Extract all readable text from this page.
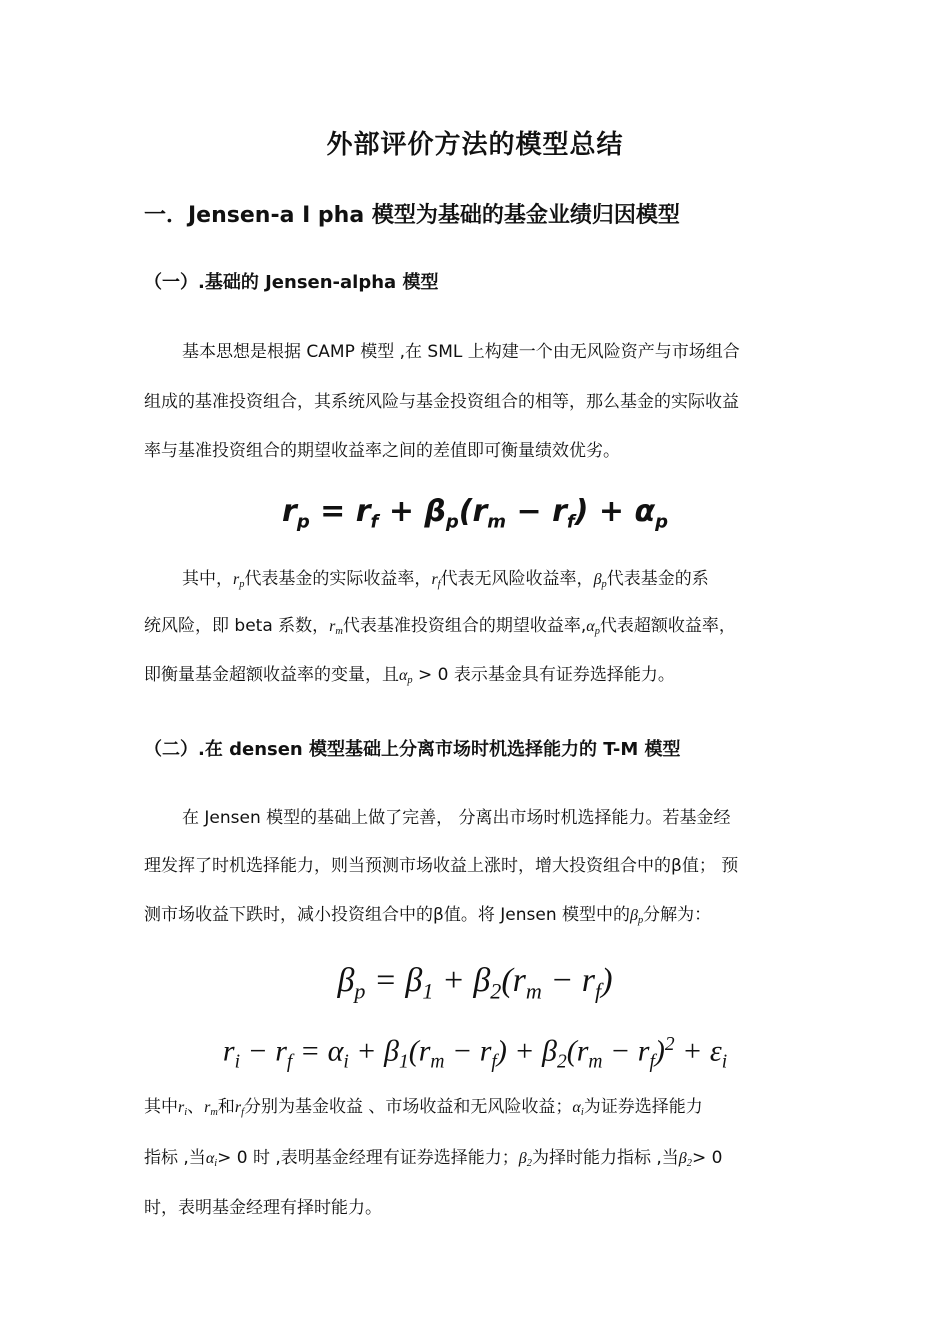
外部评价方法的模型总结
一．Jensen-a I pha 模型为基础的基金业绩归因模型
（一）.基础的 Jensen-alpha 模型
基本思想是根据 CAMP 模型 ,在 SML 上构建一个由无风险资产与市场组合
组成的基准投资组合，其系统风险与基金投资组合的相等，那么基金的实际收益
率与基准投资组合的期望收益率之间的差值即可衡量绩效优劣。
$r_p = r_f + \beta_p(r_m - r_f) + \alpha_p$
其中，$r_p$代表基金的实际收益率，$r_f$代表无风险收益率，$\beta_p$代表基金的系
统风险，即 beta 系数，$r_m$代表基准投资组合的期望收益率$,\alpha_p$代表超额收益率，
即衡量基金超额收益率的变量，且$\alpha_p > 0$ 表示基金具有证券选择能力。
（二）.在 densen 模型基础上分离市场时机选择能力的 T-M 模型
在 Jensen 模型的基础上做了完善， 分离出市场时机选择能力。若基金经
理发挥了时机选择能力，则当预测市场收益上涨时，增大投资组合中的β值； 预
测市场收益下跌时，减小投资组合中的β值。将 Jensen 模型中的$\beta_p$分解为：
$\beta_p = \beta_1 + \beta_2(r_m - r_f)$
$r_i - r_f = \alpha_i + \beta_1(r_m - r_f) + \beta_2(r_m - r_f)^2 + \varepsilon_i$
其中$r_i$、$r_m$和$r_f$分别为基金收益 、市场收益和无风险收益；$\alpha_i$为证券选择能力
指标 ,当$\alpha_i> 0$ 时 ,表明基金经理有证券选择能力；$\beta_2$为择时能力指标 ,当$\beta_2> 0$
时，表明基金经理有择时能力。
